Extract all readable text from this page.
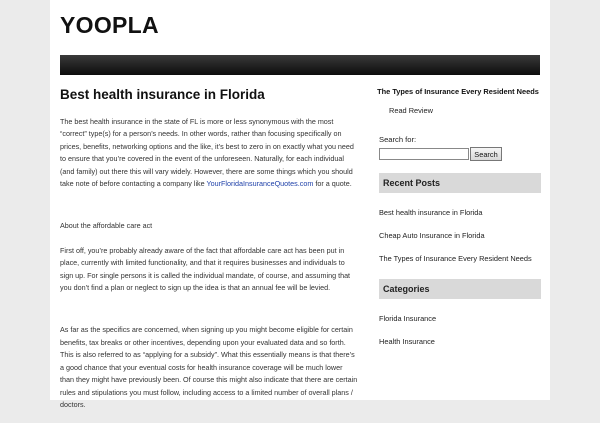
YOOPLA
Best health insurance in Florida

The best health insurance in the state of FL is more or less synonymous with the most “correct” type(s) for a person’s needs. In other words, rather than focusing specifically on prices, benefits, networking options and the like, it’s best to zero in on exactly what you need to ensure that you’re covered in the event of the unforeseen. Naturally, for each individual (and family) out there this will vary widely. However, there are some things which you should take note of before contacting a company like YourFloridaInsuranceQuotes.com for a quote.

About the affordable care act

First off, you’re probably already aware of the fact that affordable care act has been put in place, currently with limited functionality, and that it requires businesses and individuals to sign up. For single persons it is called the individual mandate, of course, and assuming that you don’t find a plan or neglect to sign up the idea is that an annual fee will be levied.

As far as the specifics are concerned, when signing up you might become eligible for certain benefits, tax breaks or other incentives, depending upon your evaluated data and so forth. This is also referred to as “applying for a subsidy”. What this essentially means is that there’s a good chance that your eventual costs for health insurance coverage will be much lower than they might have previously been. Of course this might also indicate that there are certain rules and stipulations you must follow, including access to a limited number of overall plans / doctors.

The Types of Insurance Every Resident Needs
Read Review
Search for:
Search
Recent Posts
Best health insurance in Florida
Cheap Auto Insurance in Florida
The Types of Insurance Every Resident Needs
Categories
Florida Insurance
Health Insurance
